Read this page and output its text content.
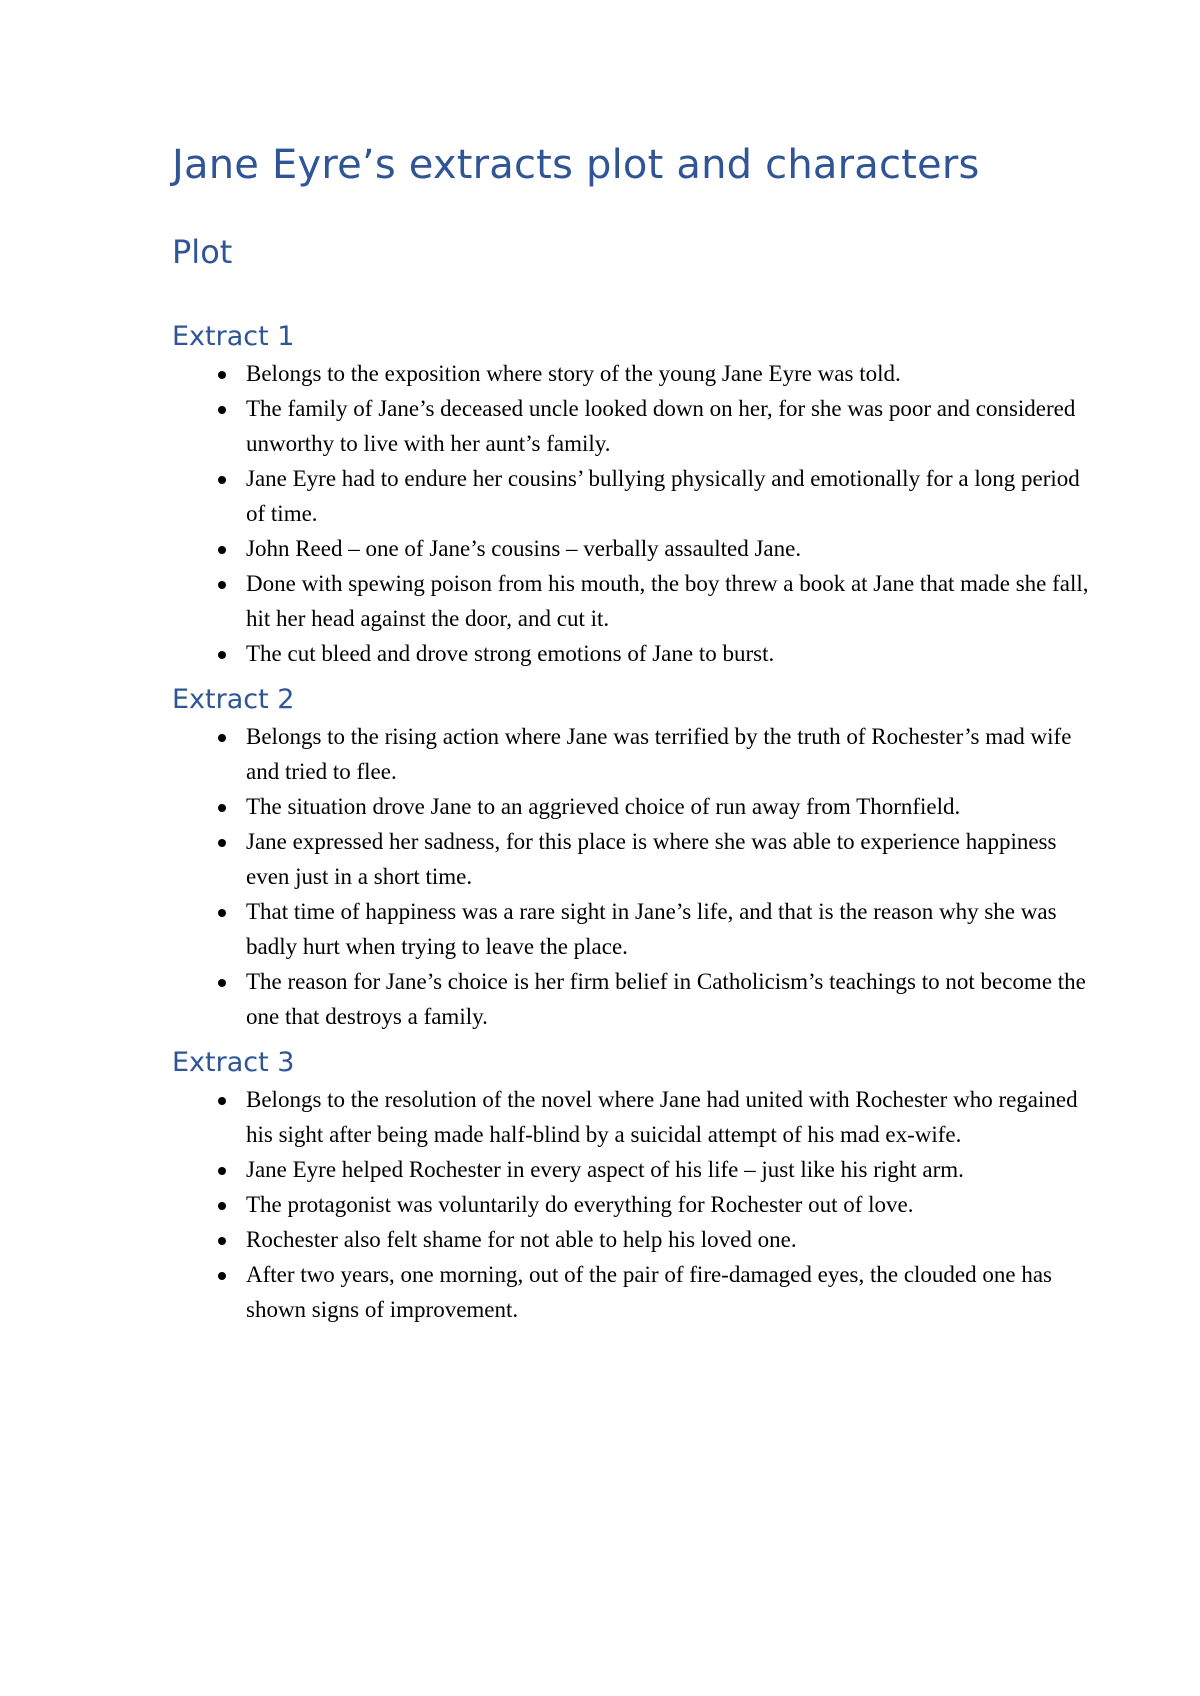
Jane Eyre’s extracts plot and characters
Plot
Extract 1
Belongs to the exposition where story of the young Jane Eyre was told.
The family of Jane’s deceased uncle looked down on her, for she was poor and considered unworthy to live with her aunt’s family.
Jane Eyre had to endure her cousins’ bullying physically and emotionally for a long period of time.
John Reed – one of Jane’s cousins – verbally assaulted Jane.
Done with spewing poison from his mouth, the boy threw a book at Jane that made she fall, hit her head against the door, and cut it.
The cut bleed and drove strong emotions of Jane to burst.
Extract 2
Belongs to the rising action where Jane was terrified by the truth of Rochester’s mad wife and tried to flee.
The situation drove Jane to an aggrieved choice of run away from Thornfield.
Jane expressed her sadness, for this place is where she was able to experience happiness even just in a short time.
That time of happiness was a rare sight in Jane’s life, and that is the reason why she was badly hurt when trying to leave the place.
The reason for Jane’s choice is her firm belief in Catholicism’s teachings to not become the one that destroys a family.
Extract 3
Belongs to the resolution of the novel where Jane had united with Rochester who regained his sight after being made half-blind by a suicidal attempt of his mad ex-wife.
Jane Eyre helped Rochester in every aspect of his life – just like his right arm.
The protagonist was voluntarily do everything for Rochester out of love.
Rochester also felt shame for not able to help his loved one.
After two years, one morning, out of the pair of fire-damaged eyes, the clouded one has shown signs of improvement.
